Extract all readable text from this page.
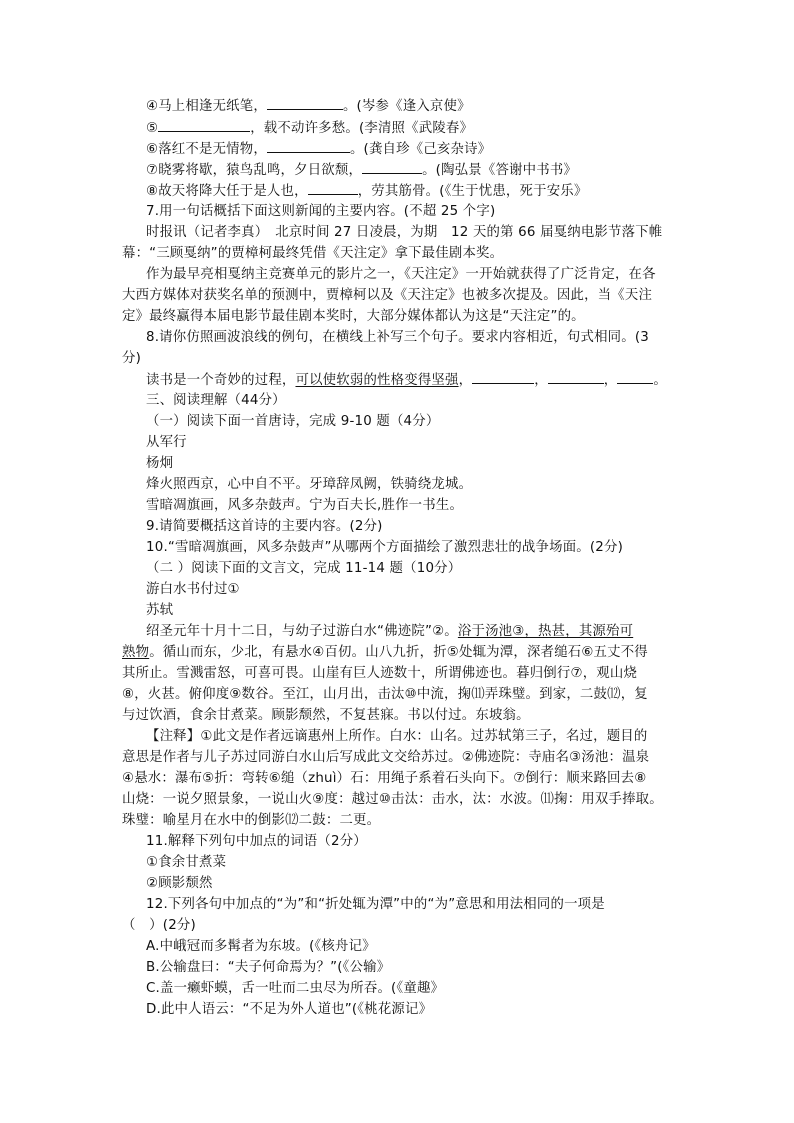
④马上相逢无纸笔，	。(岑参《逢入京使》
⑤	，载不动许多愁。(李清照《武陵春》
⑥落红不是无情物，	。(龚自珍《己亥杂诗》
⑦晓雾将歇，猿鸟乱鸣，夕日欲颓，	。(陶弘景《答谢中书书》
⑧故天将降大任于是人也，	，劳其筋骨。(《生于忧患，死于安乐》
7.用一句话概括下面这则新闻的主要内容。(不超 25 个字)
时报讯（记者李真）　北京时间 27 日凌晨，为期　12 天的第 66 届戛纳电影节落下帷
幕：“三顾戛纳”的贾樟柯最终凭借《天注定》拿下最佳剧本奖。
作为最早亮相戛纳主竞赛单元的影片之一，《天注定》一开始就获得了广泛肯定，在各
大西方媒体对获奖名单的预测中，贾樟柯以及《天注定》也被多次提及。因此，当《天注
定》最终赢得本届电影节最佳剧本奖时，大部分媒体都认为这是“天注定”的。
8.请你仿照画波浪线的例句，在横线上补写三个句子。要求内容相近，句式相同。(3
分)
读书是一个奇妙的过程，可以使软弱的性格变得坚强，	，	，	。
三、阅读理解（44分）
（一）阅读下面一首唐诗，完成 9-10 题（4分）
从军行
杨炯
烽火照西京，心中自不平。牙璋辞凤阙，铁骑绕龙城。
雪暗凋旗画，风多杂鼓声。宁为百夫长,胜作一书生。
9.请简要概括这首诗的主要内容。(2分)
10.“雪暗凋旗画，风多杂鼓声”从哪两个方面描绘了激烈悲壮的战争场面。(2分)
（二 ）阅读下面的文言文，完成 11-14 题（10分）
游白水书付过①
苏轼
绍圣元年十月十二日，与幼子过游白水“佛迹院”②。浴于汤池③，热甚，其源殆可
熟物。循山而东，少北，有悬水④百仞。山八九折，折⑤处辄为潭，深者缒石⑥五丈不得
其所止。雪溅雷怒，可喜可畏。山崖有巨人迹数十，所谓佛迹也。暮归倒行⑦，观山烧
⑧，火甚。俯仰度⑨数谷。至江，山月出，击汰⑩中流，掬⑾弄珠璧。到家，二鼓⑿，复
与过饮酒，食余甘煮菜。顾影颓然，不复甚寐。书以付过。东坡翁。
【注释】①此文是作者远谪惠州上所作。白水：山名。过苏轼第三子，名过，题目的
意思是作者与儿子苏过同游白水山后写成此文交给苏过。②佛迹院：寺庙名③汤池：温泉
④悬水：瀑布⑤折：弯转⑥缒（zhuì）石：用绳子系着石头向下。⑦倒行：顺来路回去⑧
山烧：一说夕照景象，一说山火⑨度：越过⑩击汰：击水，汰：水波。⑾掬：用双手捧取。
珠璧：喻星月在水中的倒影⑿二鼓：二更。
11.解释下列句中加点的词语（2分）
①食余甘煮菜
②顾影颓然
12.下列各句中加点的“为”和“折处辄为潭”中的“为”意思和用法相同的一项是
（　）(2分)
A.中峨冠而多髯者为东坡。(《核舟记》
B.公输盘曰：“夫子何命焉为？”(《公输》
C.盖一癞虾蟆，舌一吐而二虫尽为所吞。(《童趣》
D.此中人语云：“不足为外人道也”(《桃花源记》
